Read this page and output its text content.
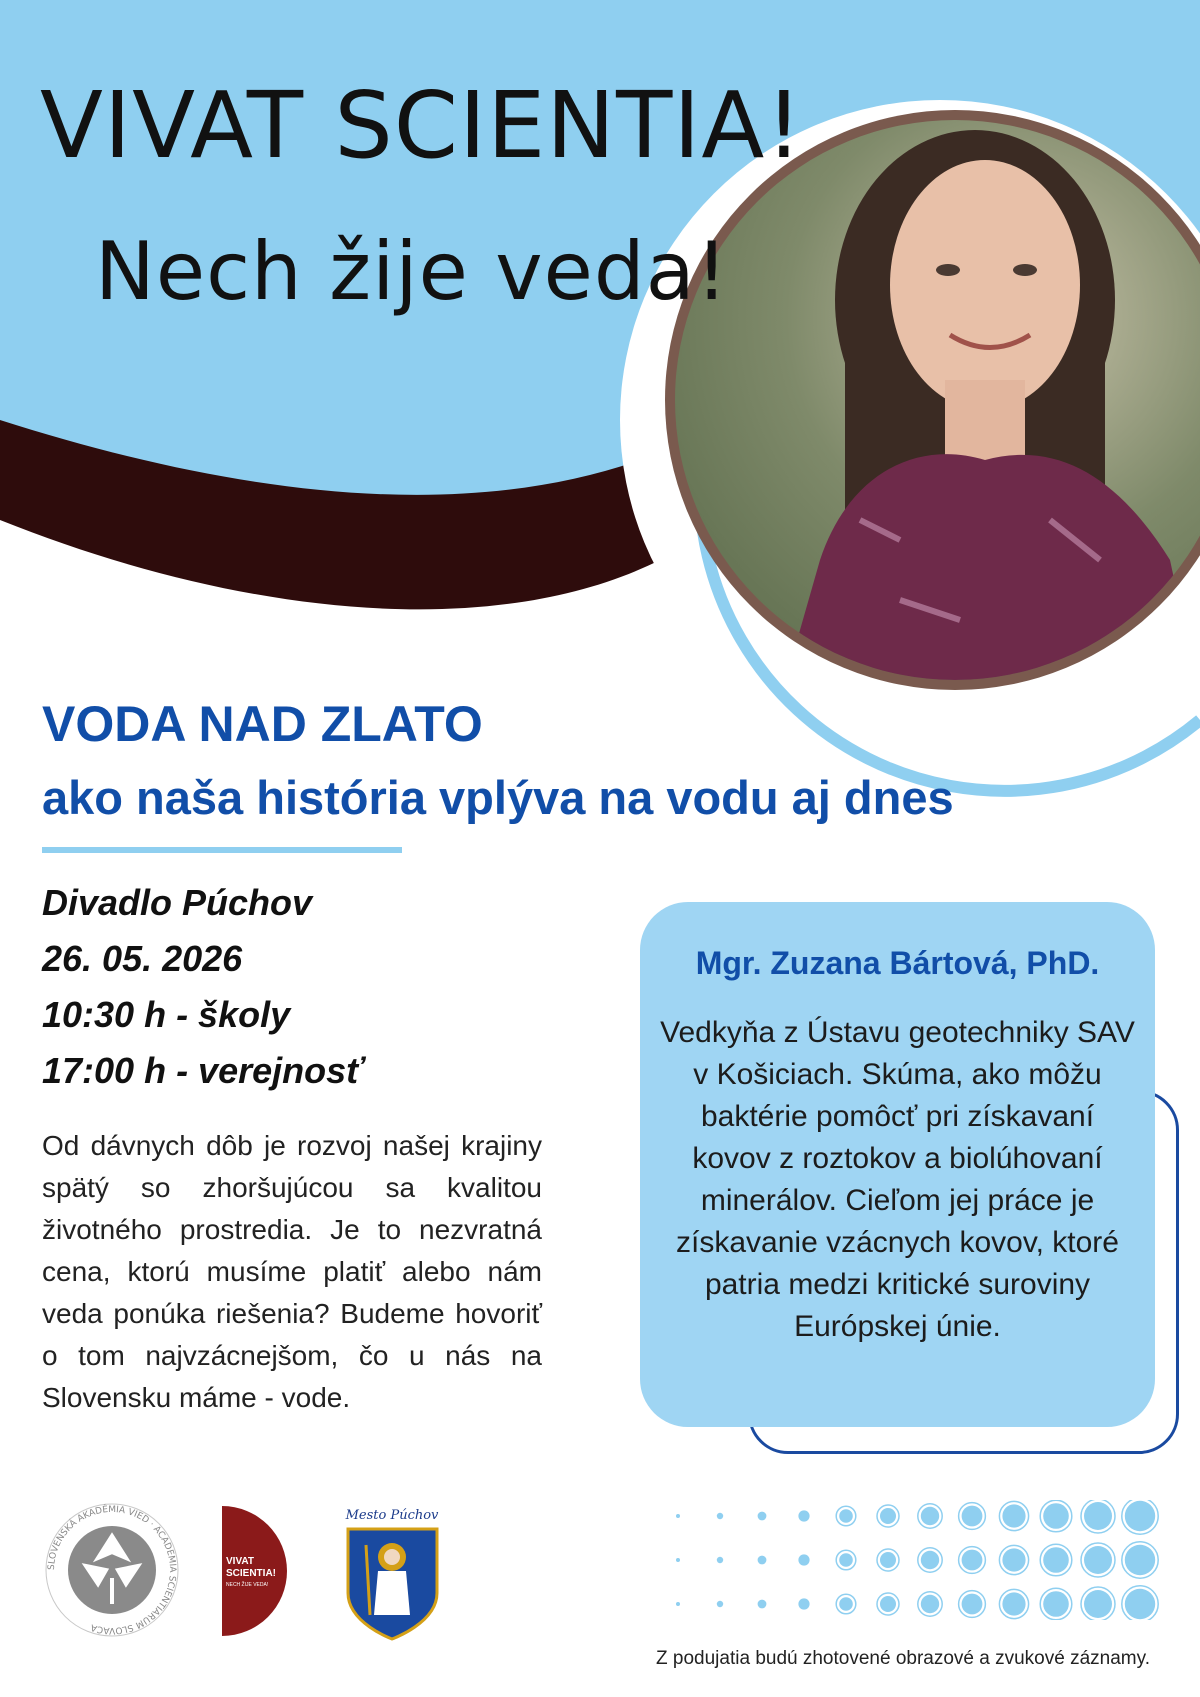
VIVAT SCIENTIA!
Nech žije veda!
VODA NAD ZLATO
ako naša história vplýva na vodu aj dnes
Divadlo Púchov
26. 05. 2026
10:30 h - školy
17:00 h - verejnosť
Od dávnych dôb je rozvoj našej krajiny spätý so zhoršujúcou sa kvalitou životného prostredia. Je to nezvratná cena, ktorú musíme platiť alebo nám veda ponúka riešenia? Budeme hovoriť o tom najvzácnejšom, čo u nás na Slovensku máme - vode.
Mgr. Zuzana Bártová, PhD.
Vedkyňa z Ústavu geotechniky SAV v Košiciach. Skúma, ako môžu baktérie pomôcť pri získavaní kovov z roztokov a biolúhovaní minerálov. Cieľom jej práce je získavanie vzácnych kovov, ktoré patria medzi kritické suroviny Európskej únie.
SLOVENSKÁ AKADÉMIA VIED · ACADEMIA SCIENTIARUM SLOVACA
VIVAT
SCIENTIA!
NECH ŽIJE VEDA!
Mesto Púchov
Z podujatia budú zhotovené obrazové a zvukové záznamy.
